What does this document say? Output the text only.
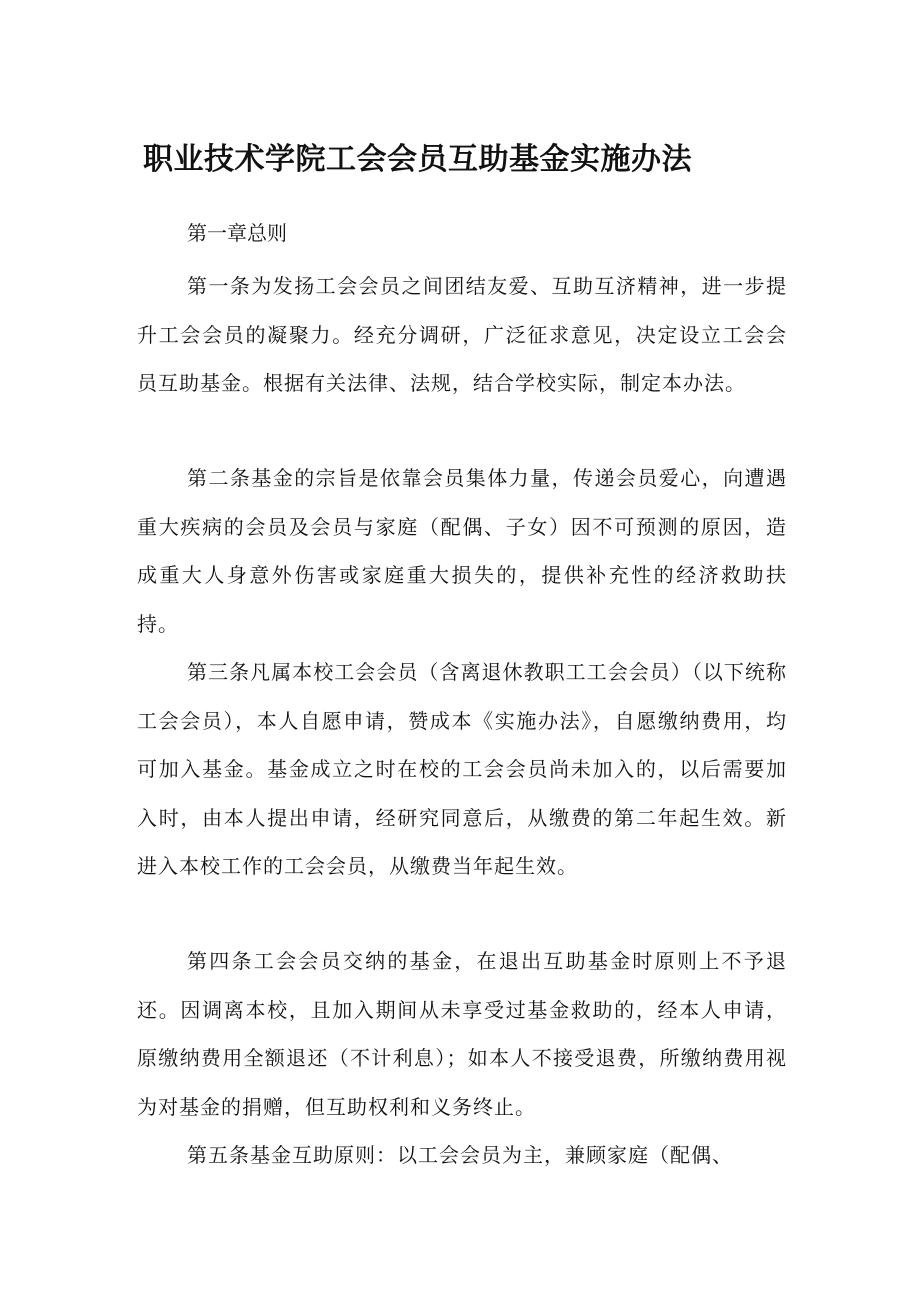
职业技术学院工会会员互助基金实施办法

第一章总则

第一条为发扬工会会员之间团结友爱、互助互济精神，进一步提升工会会员的凝聚力。经充分调研，广泛征求意见，决定设立工会会员互助基金。根据有关法律、法规，结合学校实际，制定本办法。

第二条基金的宗旨是依靠会员集体力量，传递会员爱心，向遭遇重大疾病的会员及会员与家庭（配偶、子女）因不可预测的原因，造成重大人身意外伤害或家庭重大损失的，提供补充性的经济救助扶持。

第三条凡属本校工会会员（含离退休教职工工会会员）（以下统称工会会员），本人自愿申请，赞成本《实施办法》，自愿缴纳费用，均可加入基金。基金成立之时在校的工会会员尚未加入的，以后需要加入时，由本人提出申请，经研究同意后，从缴费的第二年起生效。新进入本校工作的工会会员，从缴费当年起生效。

第四条工会会员交纳的基金，在退出互助基金时原则上不予退还。因调离本校，且加入期间从未享受过基金救助的，经本人申请，原缴纳费用全额退还（不计利息）；如本人不接受退费，所缴纳费用视为对基金的捐赠，但互助权利和义务终止。

第五条基金互助原则：以工会会员为主，兼顾家庭（配偶、
